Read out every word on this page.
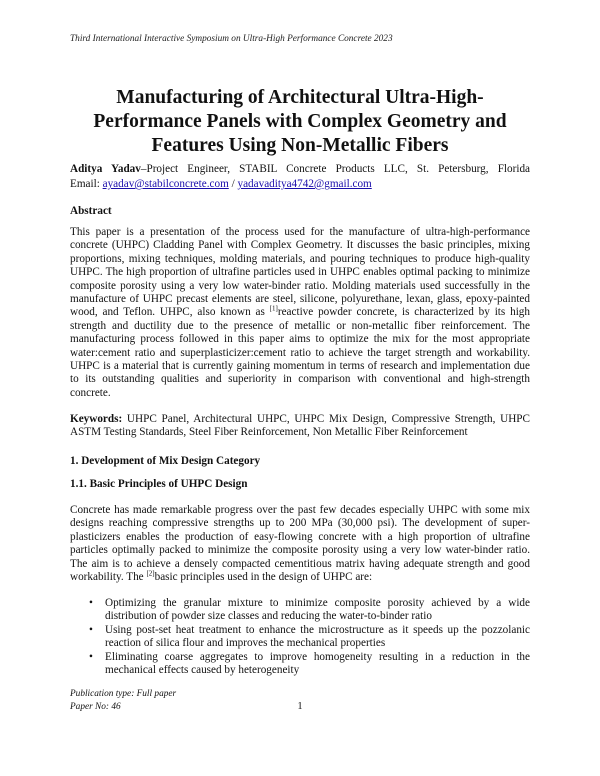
Third International Interactive Symposium on Ultra-High Performance Concrete 2023
Manufacturing of Architectural Ultra-High-
Performance Panels with Complex Geometry and
Features Using Non-Metallic Fibers
Aditya Yadav–Project Engineer, STABIL Concrete Products LLC, St. Petersburg, Florida
Email: ayadav@stabilconcrete.com / yadavaditya4742@gmail.com
Abstract
This paper is a presentation of the process used for the manufacture of ultra-high-performance concrete (UHPC) Cladding Panel with Complex Geometry. It discusses the basic principles, mixing proportions, mixing techniques, molding materials, and pouring techniques to produce high-quality UHPC. The high proportion of ultrafine particles used in UHPC enables optimal packing to minimize composite porosity using a very low water-binder ratio. Molding materials used successfully in the manufacture of UHPC precast elements are steel, silicone, polyurethane, lexan, glass, epoxy-painted wood, and Teflon. UHPC, also known as [1]reactive powder concrete, is characterized by its high strength and ductility due to the presence of metallic or non-metallic fiber reinforcement. The manufacturing process followed in this paper aims to optimize the mix for the most appropriate water:cement ratio and superplasticizer:cement ratio to achieve the target strength and workability. UHPC is a material that is currently gaining momentum in terms of research and implementation due to its outstanding qualities and superiority in comparison with conventional and high-strength concrete.
Keywords: UHPC Panel, Architectural UHPC, UHPC Mix Design, Compressive Strength, UHPC ASTM Testing Standards, Steel Fiber Reinforcement, Non Metallic Fiber Reinforcement
1. Development of Mix Design Category
1.1. Basic Principles of UHPC Design
Concrete has made remarkable progress over the past few decades especially UHPC with some mix designs reaching compressive strengths up to 200 MPa (30,000 psi). The development of super-plasticizers enables the production of easy-flowing concrete with a high proportion of ultrafine particles optimally packed to minimize the composite porosity using a very low water-binder ratio. The aim is to achieve a densely compacted cementitious matrix having adequate strength and good workability. The [2]basic principles used in the design of UHPC are:
• Optimizing the granular mixture to minimize composite porosity achieved by a wide distribution of powder size classes and reducing the water-to-binder ratio
• Using post-set heat treatment to enhance the microstructure as it speeds up the pozzolanic reaction of silica flour and improves the mechanical properties
• Eliminating coarse aggregates to improve homogeneity resulting in a reduction in the mechanical effects caused by heterogeneity
Publication type: Full paper
Paper No: 46	1
